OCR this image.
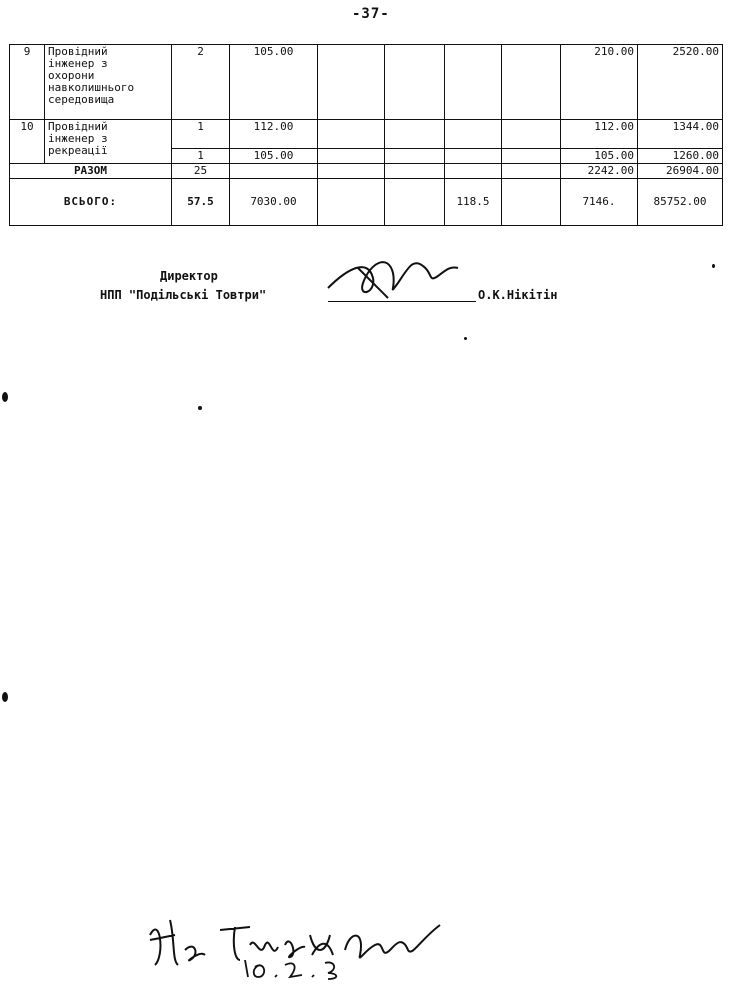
-37-
9	Провідний
інженер з
охорони
навколишнього
середовища	2	105.00					210.00	2520.00
10	Провідний
інженер з
рекреації	1	112.00					112.00	1344.00
		1	105.00					105.00	1260.00
РАЗОМ		25						2242.00	26904.00
ВСЬОГО:		57.5	7030.00			118.5		7146.	85752.00
Директор
НПП "Подільські Товтри"	О.К.Нікітін
